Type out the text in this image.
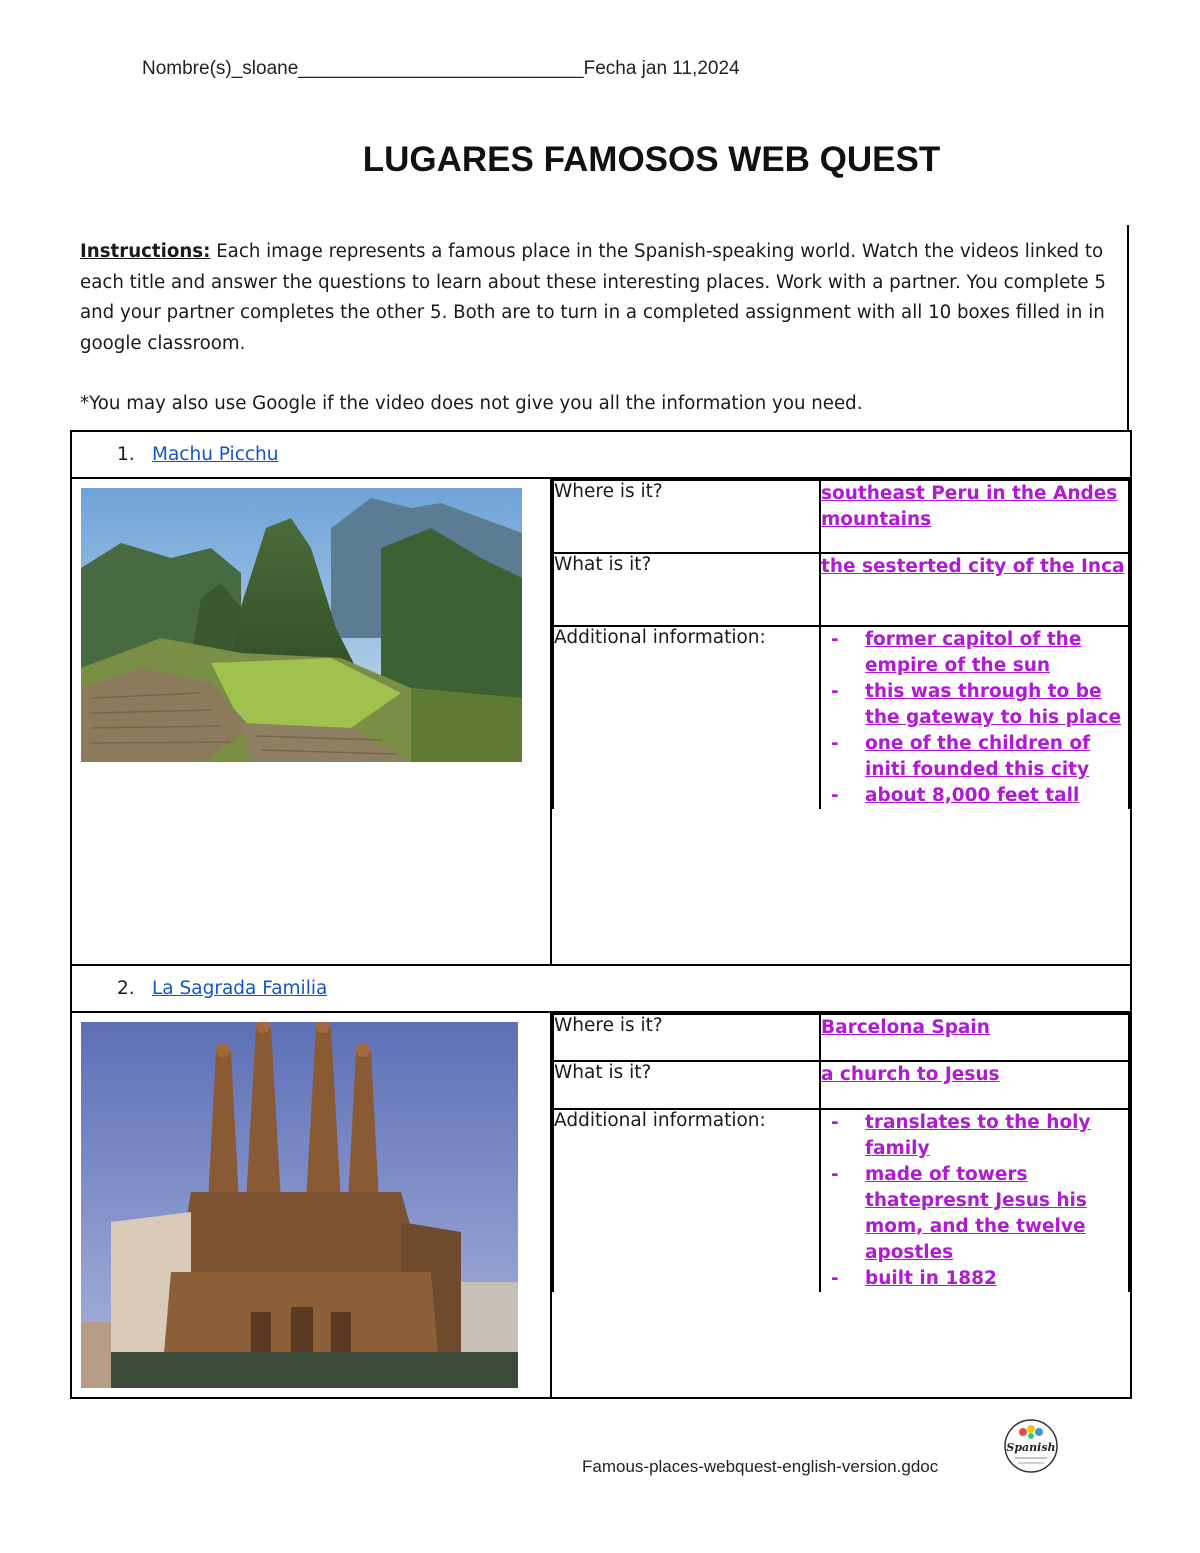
Nombre(s)_sloane___________________________Fecha jan 11,2024
LUGARES FAMOSOS WEB QUEST
Instructions: Each image represents a famous place in the Spanish-speaking world. Watch the videos linked to each title and answer the questions to learn about these interesting places. Work with a partner. You complete 5 and your partner completes the other 5. Both are to turn in a completed assignment with all 10 boxes filled in in google classroom.
*You may also use Google if the video does not give you all the information you need.
1. Machu Picchu

Where is it?	southeast Peru in the Andes mountains
What is it?	the sesterted city of the Inca
Additional information:	
-former capitol of the empire of the sun
- this was through to be the gateway to his place
- one of the children of initi founded this city
- about 8,000 feet tall

2. La Sagrada Familia

Where is it?	Barcelona Spain
What is it?	a church to Jesus
Additional information:	
-translates to the holy family
- made of towers thatepresnt Jesus his mom, and the twelve apostles
- built in 1882
Famous-places-webquest-english-version.gdoc
Spanish
